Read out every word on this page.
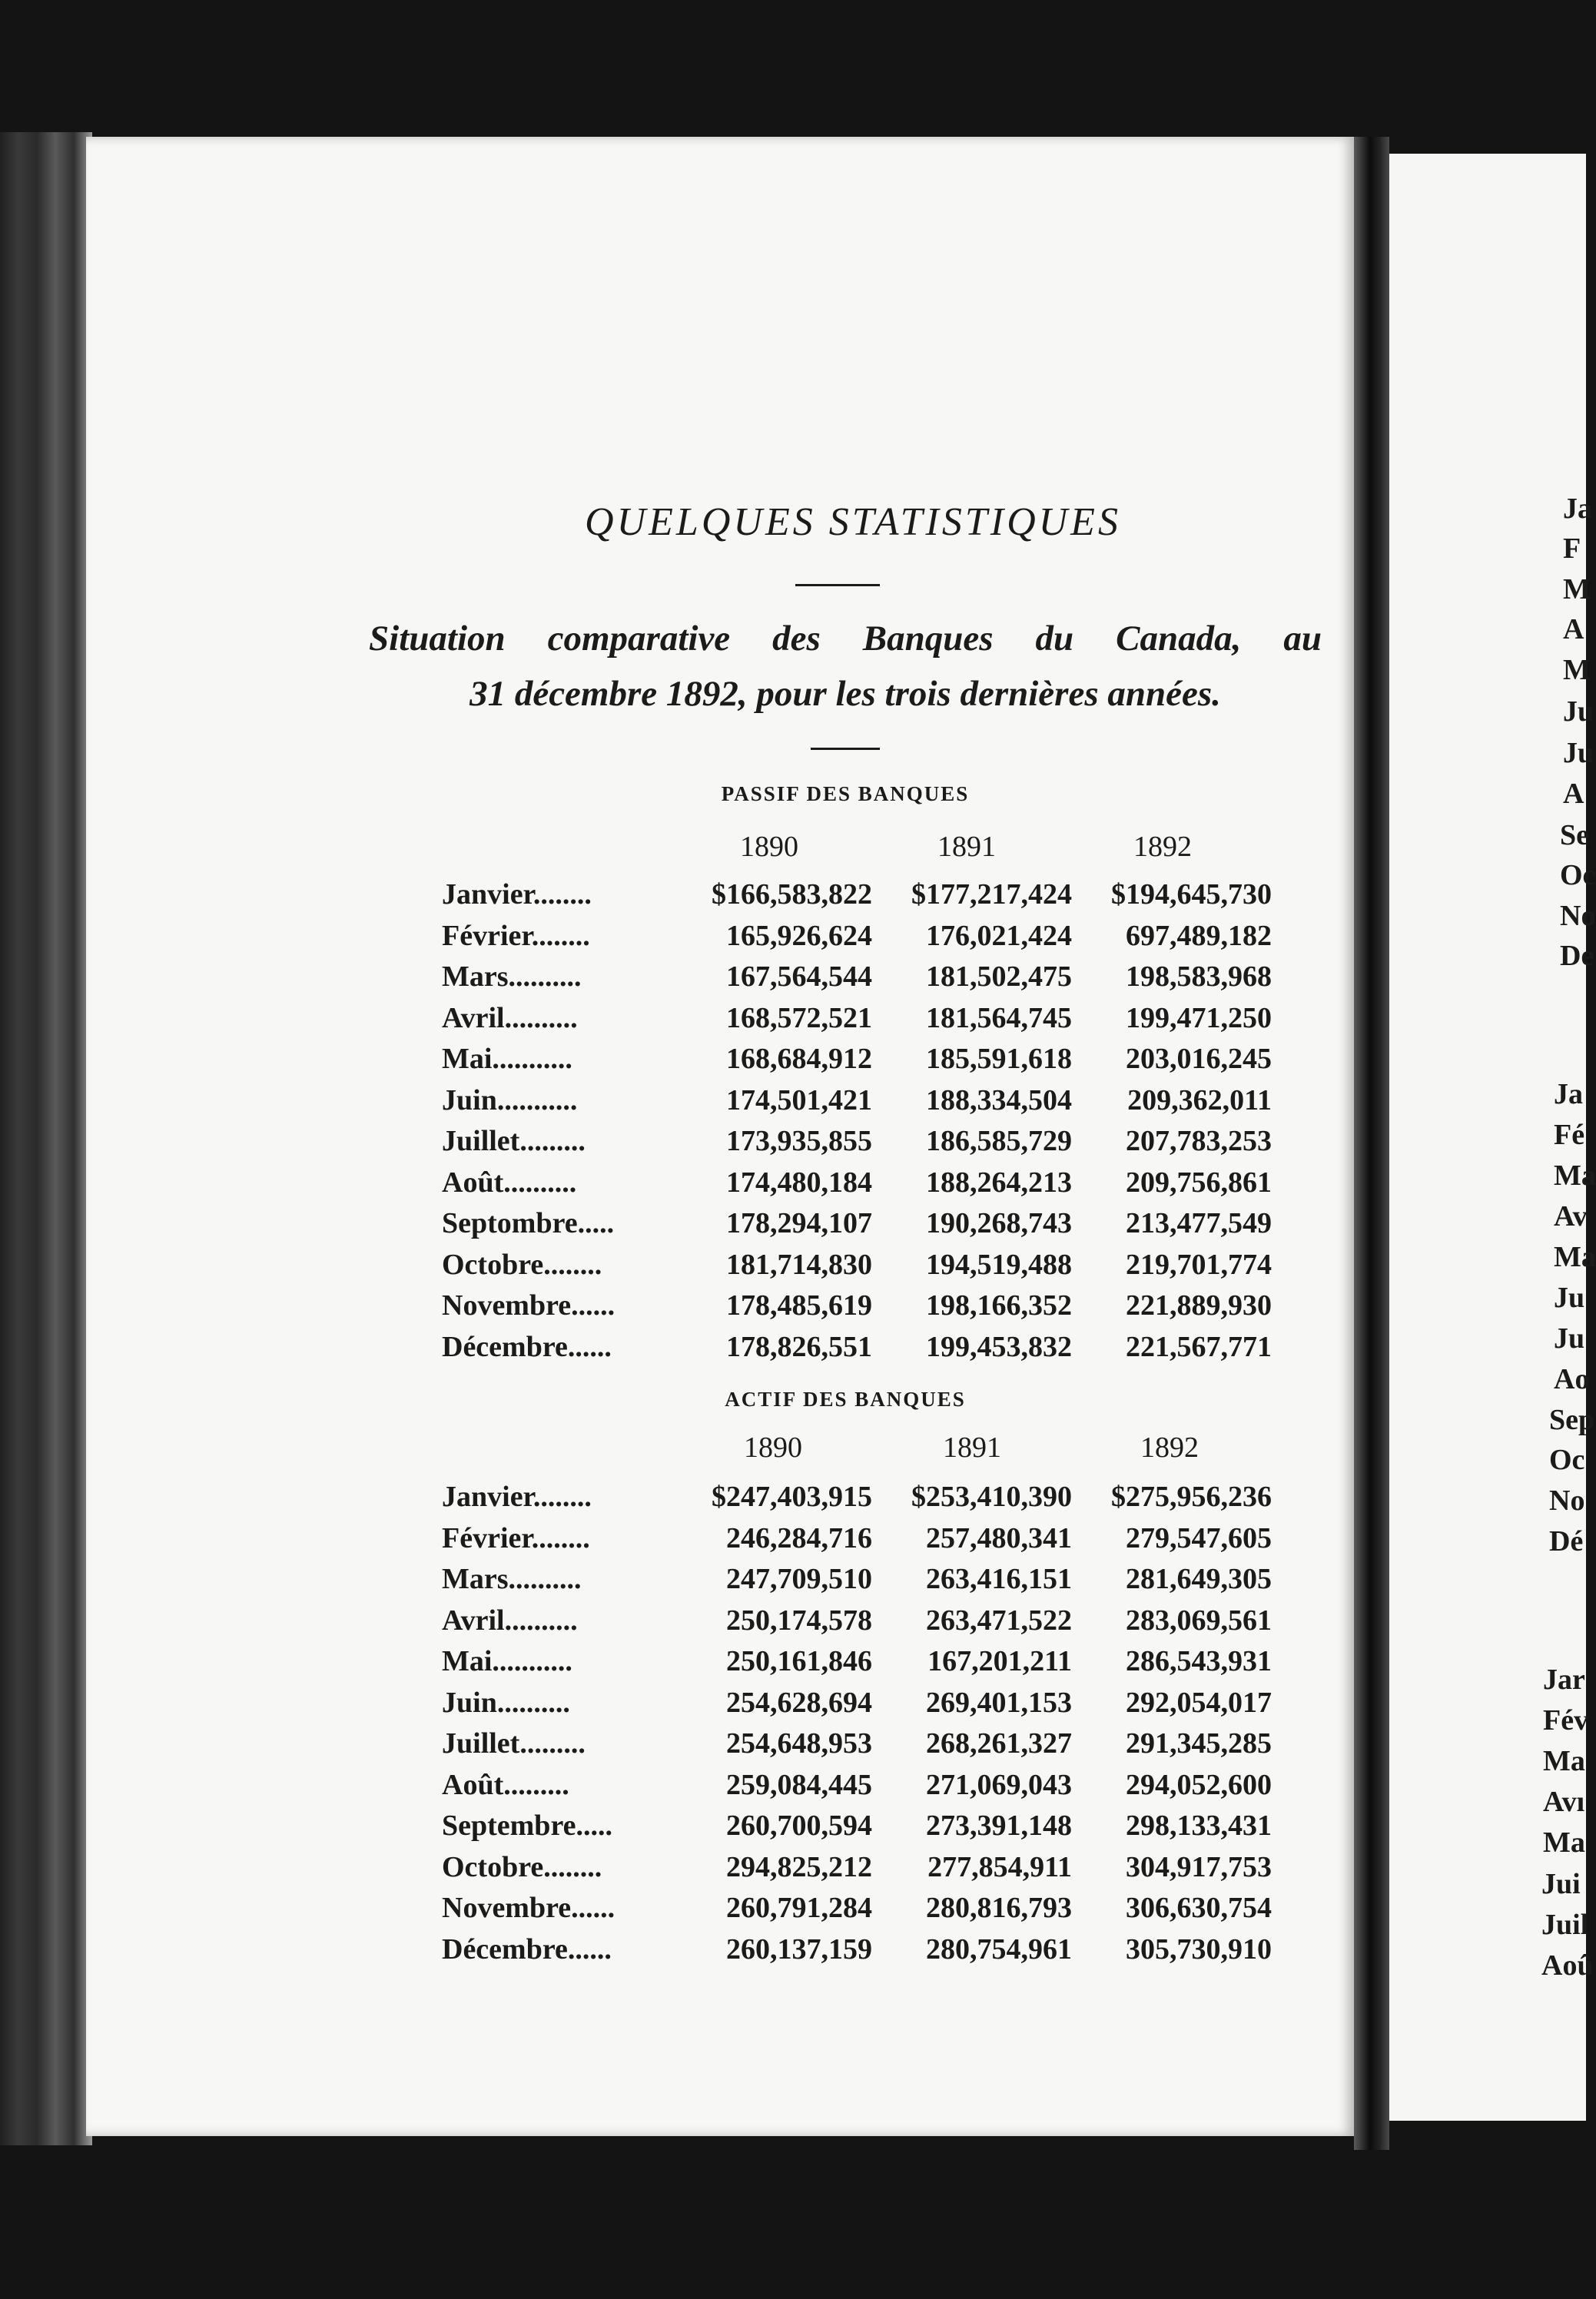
QUELQUES STATISTIQUES
Situation comparative des Banques du Canada, au
31 décembre 1892, pour les trois dernières années.
PASSIF DES BANQUES
1890	1891	1892
Janvier........	$166,583,822	$177,217,424	$194,645,730
Février........	165,926,624	176,021,424	697,489,182
Mars..........	167,564,544	181,502,475	198,583,968
Avril..........	168,572,521	181,564,745	199,471,250
Mai...........	168,684,912	185,591,618	203,016,245
Juin...........	174,501,421	188,334,504	209,362,011
Juillet.........	173,935,855	186,585,729	207,783,253
Août..........	174,480,184	188,264,213	209,756,861
Septombre.....	178,294,107	190,268,743	213,477,549
Octobre........	181,714,830	194,519,488	219,701,774
Novembre......	178,485,619	198,166,352	221,889,930
Décembre......	178,826,551	199,453,832	221,567,771
ACTIF DES BANQUES
1890	1891	1892
Janvier........	$247,403,915	$253,410,390	$275,956,236
Février........	246,284,716	257,480,341	279,547,605
Mars..........	247,709,510	263,416,151	281,649,305
Avril..........	250,174,578	263,471,522	283,069,561
Mai...........	250,161,846	167,201,211	286,543,931
Juin..........	254,628,694	269,401,153	292,054,017
Juillet.........	254,648,953	268,261,327	291,345,285
Août.........	259,084,445	271,069,043	294,052,600
Septembre.....	260,700,594	273,391,148	298,133,431
Octobre........	294,825,212	277,854,911	304,917,753
Novembre......	260,791,284	280,816,793	306,630,754
Décembre......	260,137,159	280,754,961	305,730,910
Ja
F
M
A
M
Ju
Ju
A
Se
Oc
No
De
Ja
Fé
Ma
Av
Ma
Ju
Ju
Ao
Sep
Oc
No
Dé
Jar
Fév
Ma
Avı
Ma
Jui
Juil
Aoû
